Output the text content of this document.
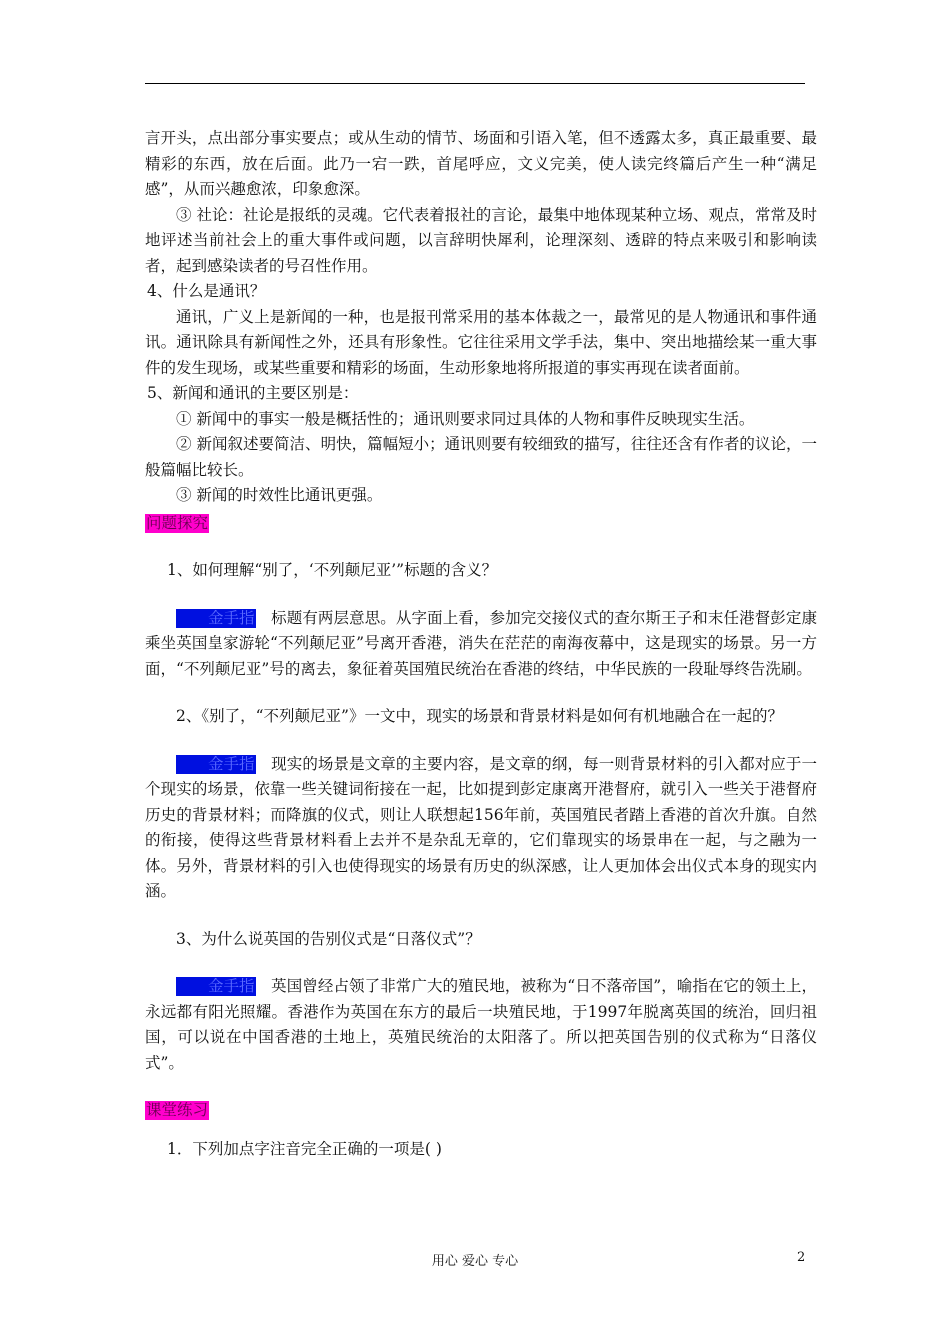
言开头，点出部分事实要点；或从生动的情节、场面和引语入笔，但不透露太多，真正最重要、最精彩的东西，放在后面。此乃一宕一跌，首尾呼应，文义完美，使人读完终篇后产生一种“满足感”，从而兴趣愈浓，印象愈深。

③ 社论：社论是报纸的灵魂。它代表着报社的言论，最集中地体现某种立场、观点，常常及时地评述当前社会上的重大事件或问题，以言辞明快犀利，论理深刻、透辟的特点来吸引和影响读者，起到感染读者的号召性作用。

4、什么是通讯？

通讯，广义上是新闻的一种，也是报刊常采用的基本体裁之一，最常见的是人物通讯和事件通讯。通讯除具有新闻性之外，还具有形象性。它往往采用文学手法，集中、突出地描绘某一重大事件的发生现场，或某些重要和精彩的场面，生动形象地将所报道的事实再现在读者面前。

5、新闻和通讯的主要区别是：

① 新闻中的事实一般是概括性的；通讯则要求同过具体的人物和事件反映现实生活。

② 新闻叙述要简洁、明快，篇幅短小；通讯则要有较细致的描写，往往还含有作者的议论，一般篇幅比较长。

③ 新闻的时效性比通讯更强。

问题探究

1、如何理解“别了，‘不列颠尼亚’”标题的含义？

金手指  标题有两层意思。从字面上看，参加完交接仪式的查尔斯王子和末任港督彭定康乘坐英国皇家游轮“不列颠尼亚”号离开香港，消失在茫茫的南海夜幕中，这是现实的场景。另一方面，“不列颠尼亚”号的离去，象征着英国殖民统治在香港的终结，中华民族的一段耻辱终告洗刷。

2、《别了，“不列颠尼亚”》一文中，现实的场景和背景材料是如何有机地融合在一起的？

金手指  现实的场景是文章的主要内容，是文章的纲，每一则背景材料的引入都对应于一个现实的场景，依靠一些关键词衔接在一起，比如提到彭定康离开港督府，就引入一些关于港督府历史的背景材料；而降旗的仪式，则让人联想起156年前，英国殖民者踏上香港的首次升旗。自然的衔接，使得这些背景材料看上去并不是杂乱无章的，它们靠现实的场景串在一起，与之融为一体。另外，背景材料的引入也使得现实的场景有历史的纵深感，让人更加体会出仪式本身的现实内涵。

3、为什么说英国的告别仪式是“日落仪式”？

金手指  英国曾经占领了非常广大的殖民地，被称为“日不落帝国”，喻指在它的领土上，永远都有阳光照耀。香港作为英国在东方的最后一块殖民地，于1997年脱离英国的统治，回归祖国，可以说在中国香港的土地上，英殖民统治的太阳落了。所以把英国告别的仪式称为“日落仪式”。

课堂练习

1．下列加点字注音完全正确的一项是( )

用心 爱心 专心	2
